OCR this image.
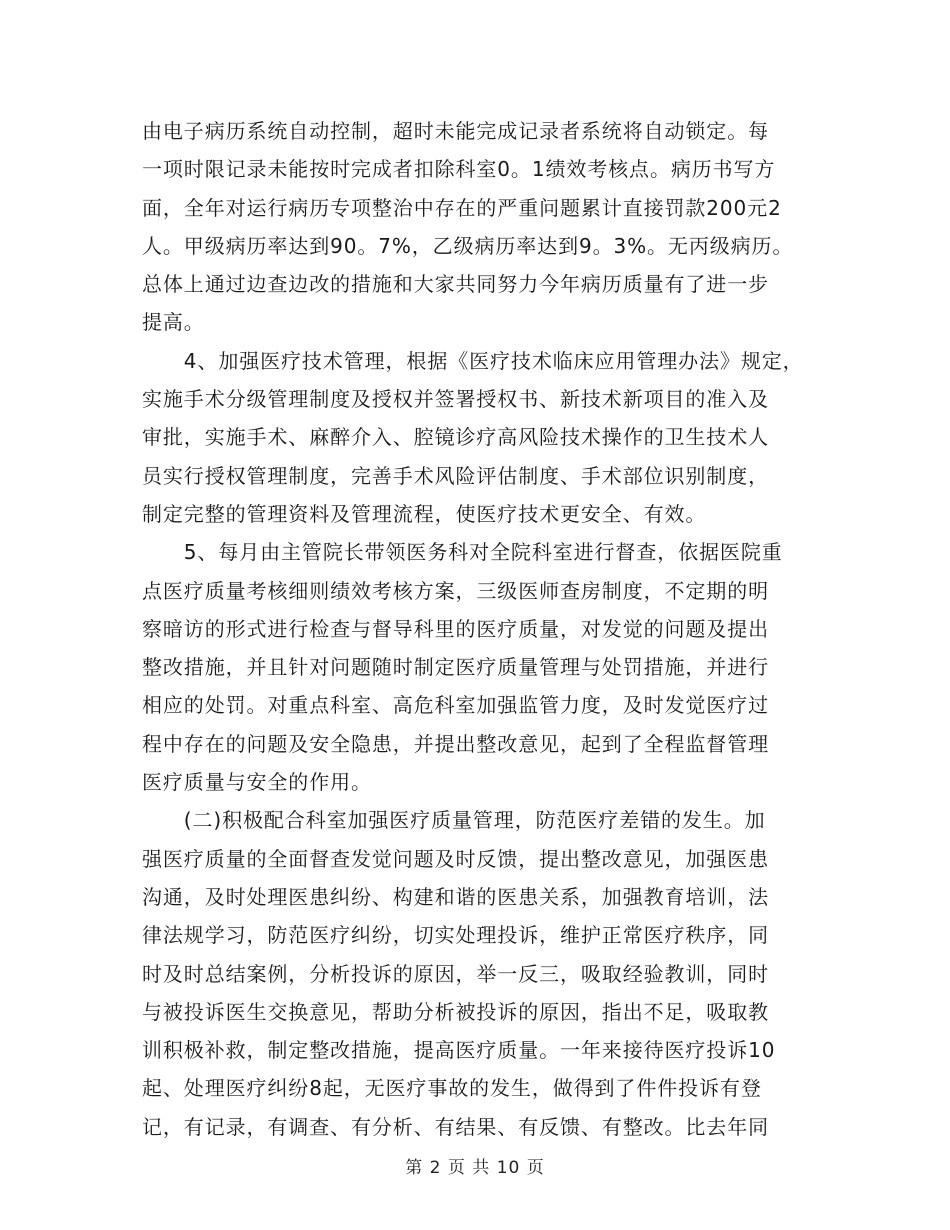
由电子病历系统自动控制，超时未能完成记录者系统将自动锁定。每
一项时限记录未能按时完成者扣除科室0。1绩效考核点。病历书写方
面，全年对运行病历专项整治中存在的严重问题累计直接罚款200元2
人。甲级病历率达到90。7%，乙级病历率达到9。3%。无丙级病历。
总体上通过边查边改的措施和大家共同努力今年病历质量有了进一步
提高。
　　4、加强医疗技术管理，根据《医疗技术临床应用管理办法》规定，
实施手术分级管理制度及授权并签署授权书、新技术新项目的准入及
审批，实施手术、麻醉介入、腔镜诊疗高风险技术操作的卫生技术人
员实行授权管理制度，完善手术风险评估制度、手术部位识别制度，
制定完整的管理资料及管理流程，使医疗技术更安全、有效。
　　5、每月由主管院长带领医务科对全院科室进行督查，依据医院重
点医疗质量考核细则绩效考核方案，三级医师查房制度，不定期的明
察暗访的形式进行检查与督导科里的医疗质量，对发觉的问题及提出
整改措施，并且针对问题随时制定医疗质量管理与处罚措施，并进行
相应的处罚。对重点科室、高危科室加强监管力度，及时发觉医疗过
程中存在的问题及安全隐患，并提出整改意见，起到了全程监督管理
医疗质量与安全的作用。
　　(二)积极配合科室加强医疗质量管理，防范医疗差错的发生。加
强医疗质量的全面督查发觉问题及时反馈，提出整改意见，加强医患
沟通，及时处理医患纠纷、构建和谐的医患关系，加强教育培训，法
律法规学习，防范医疗纠纷，切实处理投诉，维护正常医疗秩序，同
时及时总结案例，分析投诉的原因，举一反三，吸取经验教训，同时
与被投诉医生交换意见，帮助分析被投诉的原因，指出不足，吸取教
训积极补救，制定整改措施，提高医疗质量。一年来接待医疗投诉10
起、处理医疗纠纷8起，无医疗事故的发生，做得到了件件投诉有登
记，有记录，有调查、有分析、有结果、有反馈、有整改。比去年同
第 2 页 共 10 页
